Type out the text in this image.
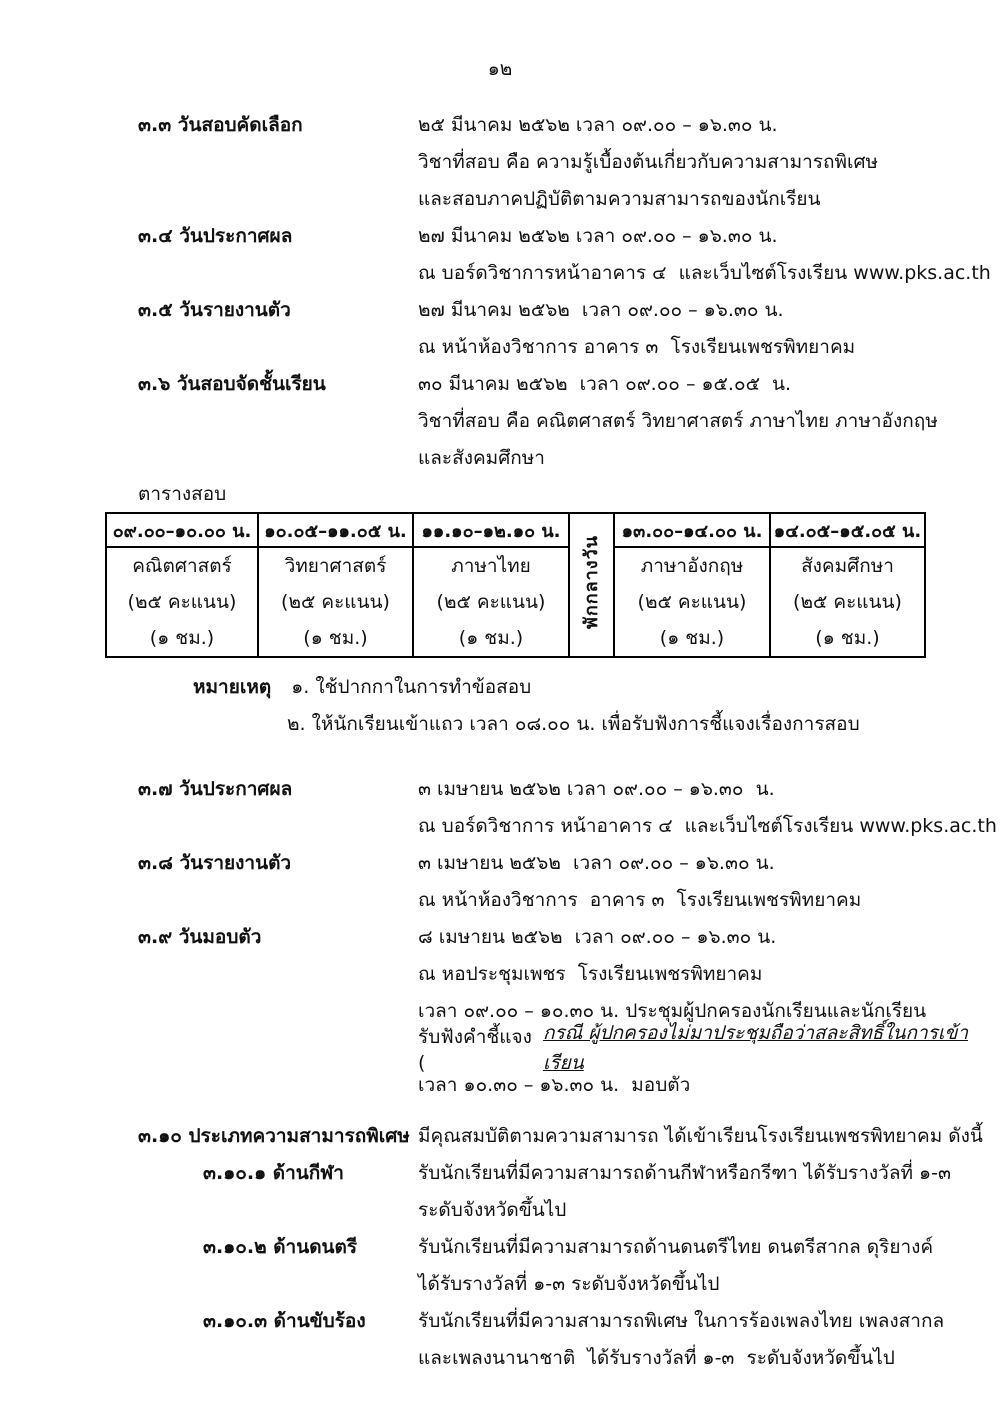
๑๒
๓.๓ วันสอบคัดเลือก	๒๕ มีนาคม ๒๕๖๒ เวลา ๐๙.๐๐ – ๑๖.๓๐ น.
วิชาที่สอบ คือ ความรู้เบื้องต้นเกี่ยวกับความสามารถพิเศษ
และสอบภาคปฏิบัติตามความสามารถของนักเรียน
๓.๔ วันประกาศผล	๒๗ มีนาคม ๒๕๖๒ เวลา ๐๙.๐๐ – ๑๖.๓๐ น.
ณ บอร์ดวิชาการหน้าอาคาร ๔  และเว็บไซต์โรงเรียน www.pks.ac.th
๓.๕ วันรายงานตัว	๒๗ มีนาคม ๒๕๖๒  เวลา ๐๙.๐๐ – ๑๖.๓๐ น.
ณ หน้าห้องวิชาการ อาคาร ๓  โรงเรียนเพชรพิทยาคม
๓.๖ วันสอบจัดชั้นเรียน	๓๐ มีนาคม ๒๕๖๒  เวลา ๐๙.๐๐ – ๑๕.๐๕  น.
วิชาที่สอบ คือ คณิตศาสตร์ วิทยาศาสตร์ ภาษาไทย ภาษาอังกฤษ
และสังคมศึกษา
ตารางสอบ
๐๙.๐๐–๑๐.๐๐ น.	๑๐.๐๕–๑๑.๐๕ น.	๑๑.๑๐–๑๒.๑๐ น.	พักกลางวัน	๑๓.๐๐–๑๔.๐๐ น.	๑๔.๐๕–๑๕.๐๕ น.

คณิตศาสตร์
(๒๕ คะแนน)
(๑ ชม.)	วิทยาศาสตร์
(๒๕ คะแนน)
(๑ ชม.)	ภาษาไทย
(๒๕ คะแนน)
(๑ ชม.)		ภาษาอังกฤษ
(๒๕ คะแนน)
(๑ ชม.)	สังคมศึกษา
(๒๕ คะแนน)
(๑ ชม.)
หมายเหตุ ๑. ใช้ปากกาในการทำข้อสอบ
๒. ให้นักเรียนเข้าแถว เวลา ๐๘.๐๐ น. เพื่อรับฟังการชี้แจงเรื่องการสอบ
๓.๗ วันประกาศผล	๓ เมษายน ๒๕๖๒ เวลา ๐๙.๐๐ – ๑๖.๓๐  น.
ณ บอร์ดวิชาการ หน้าอาคาร ๔  และเว็บไซต์โรงเรียน www.pks.ac.th
๓.๘ วันรายงานตัว	๓ เมษายน ๒๕๖๒  เวลา ๐๙.๐๐ – ๑๖.๓๐ น.
ณ หน้าห้องวิชาการ  อาคาร ๓  โรงเรียนเพชรพิทยาคม
๓.๙ วันมอบตัว	๘ เมษายน ๒๕๖๒  เวลา ๐๙.๐๐ – ๑๖.๓๐ น.
ณ หอประชุมเพชร  โรงเรียนเพชรพิทยาคม
เวลา ๐๙.๐๐ – ๑๐.๓๐ น. ประชุมผู้ปกครองนักเรียนและนักเรียน
รับฟังคำชี้แจง (
กรณี ผู้ปกครองไม่มาประชุมถือว่าสละสิทธิ์ในการเข้าเรียน
เวลา ๑๐.๓๐ – ๑๖.๓๐ น.  มอบตัว
๓.๑๐ ประเภทความสามารถพิเศษ มีคุณสมบัติตามความสามารถ ได้เข้าเรียนโรงเรียนเพชรพิทยาคม ดังนี้
๓.๑๐.๑ ด้านกีฬา	รับนักเรียนที่มีความสามารถด้านกีฬาหรือกรีฑา ได้รับรางวัลที่ ๑-๓
ระดับจังหวัดขึ้นไป
๓.๑๐.๒ ด้านดนตรี	รับนักเรียนที่มีความสามารถด้านดนตรีไทย ดนตรีสากล ดุริยางค์
ได้รับรางวัลที่ ๑-๓ ระดับจังหวัดขึ้นไป
๓.๑๐.๓ ด้านขับร้อง	รับนักเรียนที่มีความสามารถพิเศษ ในการร้องเพลงไทย เพลงสากล
และเพลงนานาชาติ  ได้รับรางวัลที่ ๑-๓  ระดับจังหวัดขึ้นไป
